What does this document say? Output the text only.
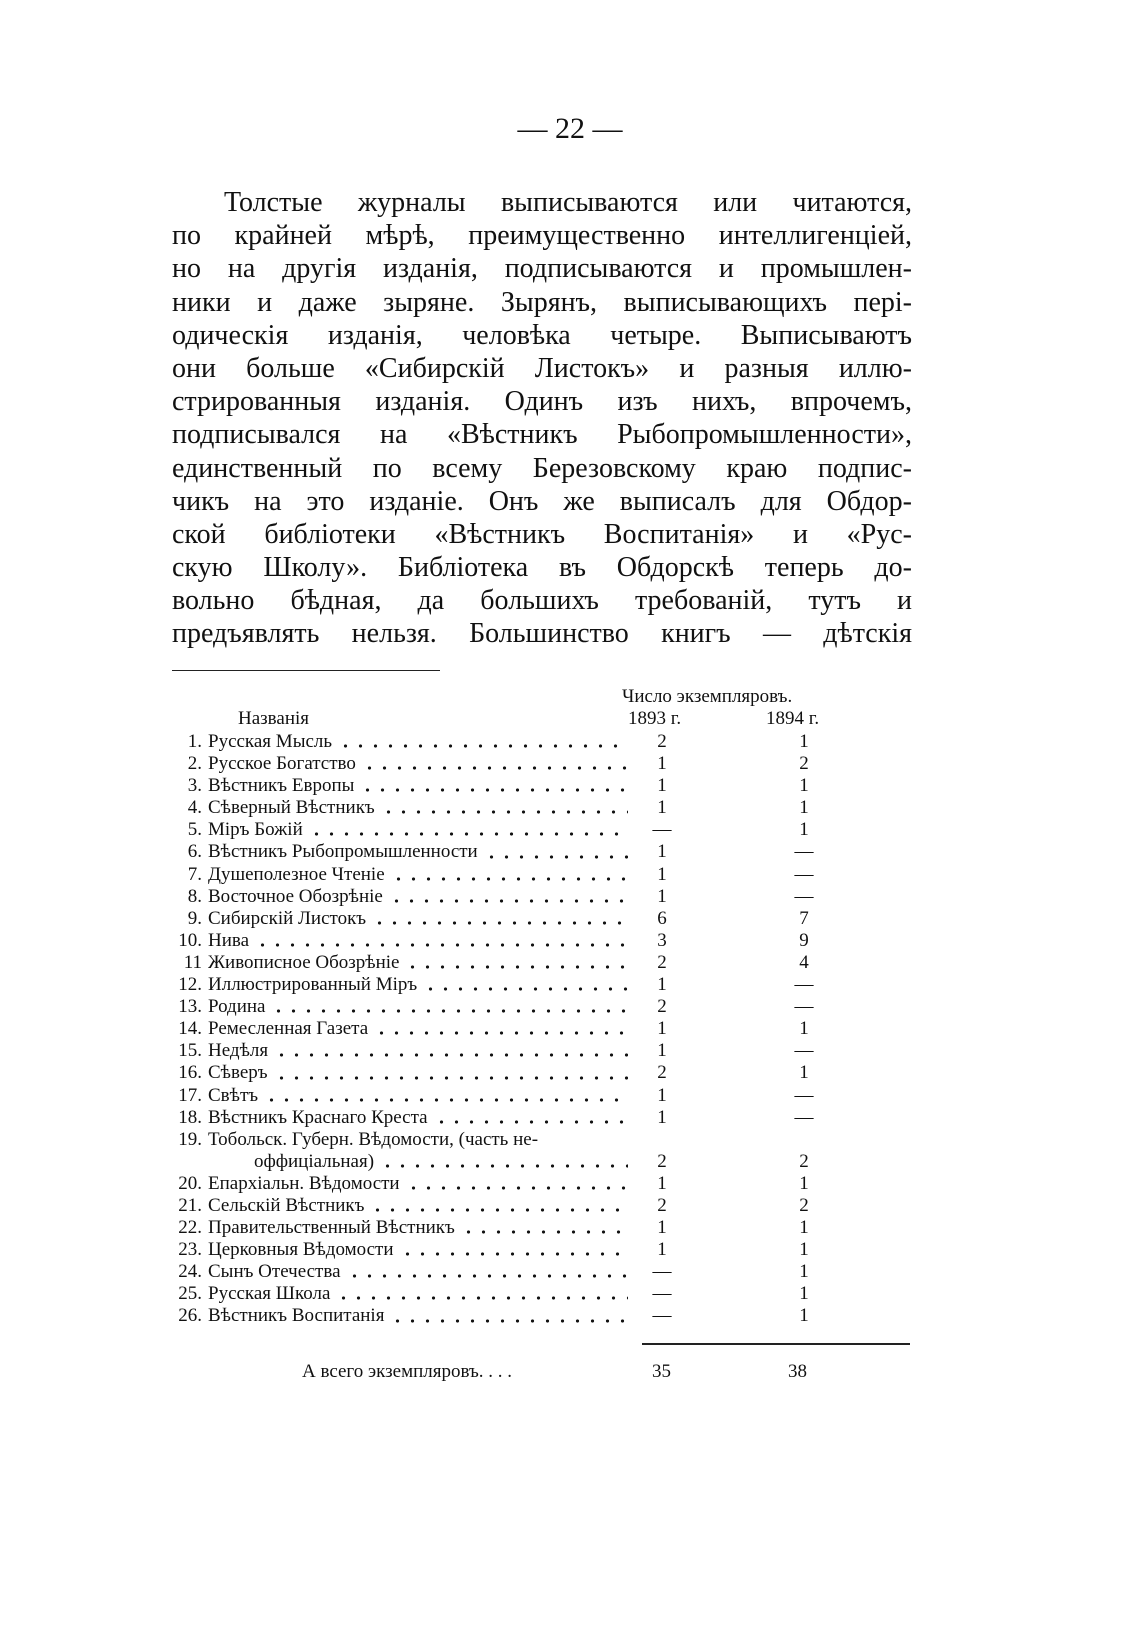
— 22 —
Толстые журналы выписываются или читаются,
по крайней мѣрѣ, преимущественно интеллигенціей,
но на другія изданія, подписываются и промышлен-
ники и даже зыряне. Зырянъ, выписывающихъ пері-
одическія изданія, человѣка четыре. Выписываютъ
они больше «Сибирскій Листокъ» и разныя иллю-
стрированныя изданія. Одинъ изъ нихъ, впрочемъ,
подписывался на «Вѣстникъ Рыбопромышленности»,
единственный по всему Березовскому краю подпис-
чикъ на это изданіе. Онъ же выписалъ для Обдор-
ской библіотеки «Вѣстникъ Воспитанія» и «Рус-
скую Школу». Библіотека въ Обдорскѣ теперь до-
вольно бѣдная, да большихъ требованій, тутъ и
предъявлять нельзя. Большинство книгъ — дѣтскія
Число экземпляровъ.
Названія	1893 г.	1894 г.
1. Русская Мысль	2	1
2. Русское Богатство	1	2
3. Вѣстникъ Европы	1	1
4. Сѣверный Вѣстникъ	1	1
5. Міръ Божій	—	1
6. Вѣстникъ Рыбопромышленности	1	—
7. Душеполезное Чтеніе	1	—
8. Восточное Обозрѣніе	1	—
9. Сибирскій Листокъ	6	7
10. Нива	3	9
11 Живописное Обозрѣніе	2	4
12. Иллюстрированный Міръ	1	—
13. Родина	2	—
14. Ремесленная Газета	1	1
15. Недѣля	1	—
16. Сѣверъ	2	1
17. Свѣтъ	1	—
18. Вѣстникъ Краснаго Креста	1	—
19. Тобольск. Губерн. Вѣдомости, (часть не-
оффиціальная)	2	2
20. Епархіальн. Вѣдомости	1	1
21. Сельскій Вѣстникъ	2	2
22. Правительственный Вѣстникъ	1	1
23. Церковныя Вѣдомости	1	1
24. Сынъ Отечества	—	1
25. Русская Школа	—	1
26. Вѣстникъ Воспитанія	—	1
А всего экземпляровъ. . . .	35	38
